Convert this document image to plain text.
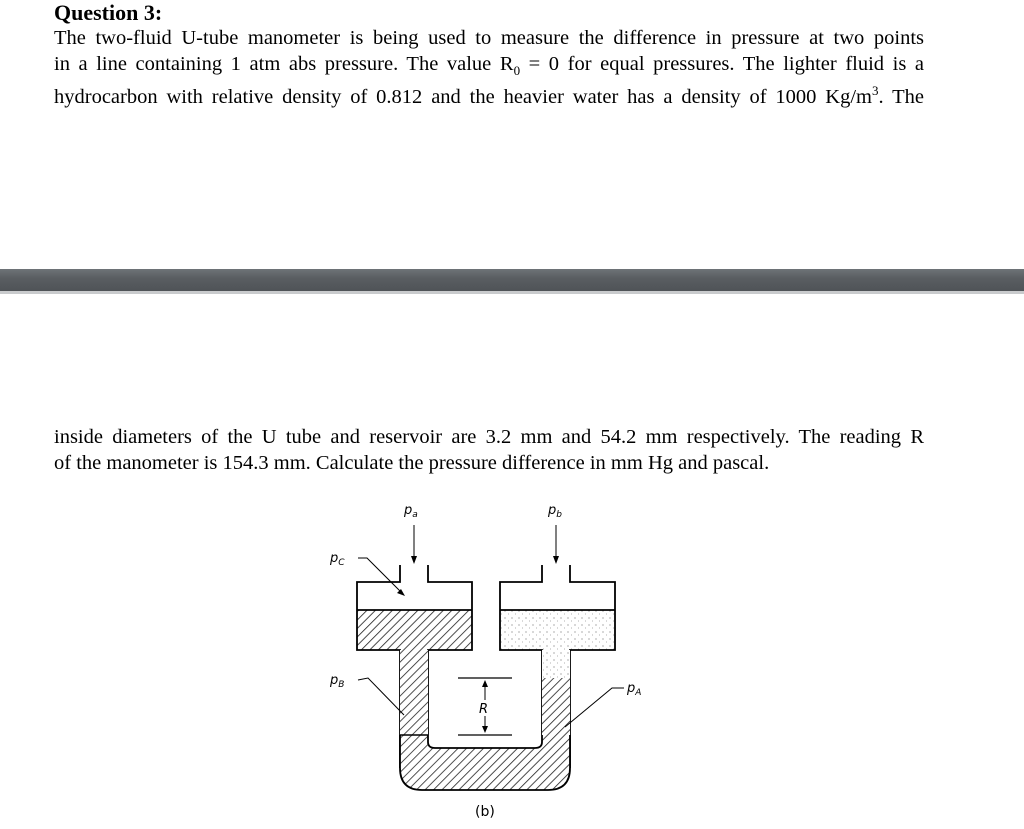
Question 3:
The two-fluid U-tube manometer is being used to measure the difference in pressure at two points
in a line containing 1 atm abs pressure. The value $R_0 = 0$ for equal pressures. The lighter fluid is a
hydrocarbon with relative density of 0.812 and the heavier water has a density of 1000 $Kg/m^3$. The
inside diameters of the U tube and reservoir are 3.2 mm and 54.2 mm respectively. The reading R
of the manometer is 154.3 mm. Calculate the pressure difference in mm Hg and pascal.
R
$p_a$	$p_b$
$p_C$
$p_B$	$p_A$
(b)
